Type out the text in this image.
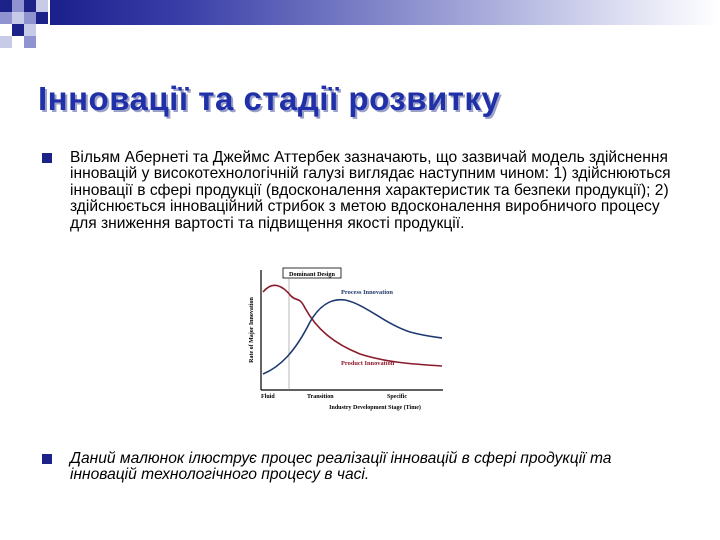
Інновації та стадії розвитку

Вільям Абернеті та Джеймс Аттербек зазначають, що зазвичай модель здійснення інновацій у високотехнологічній галузі виглядає наступним чином: 1) здійснюються інновації в сфері продукції (вдосконалення характеристик та безпеки продукції); 2) здійснюється інноваційний стрибок з метою вдосконалення виробничого процесу для зниження вартості та підвищення якості продукції.

Dominant Design
Rate of Major Innovation
Process Innovation
Product Innovation
Fluid	Transition	Specific
Industry Development Stage (Time)

Даний малюнок ілюструє процес реалізації інновацій в сфері продукції та інновацій технологічного процесу в часі.
